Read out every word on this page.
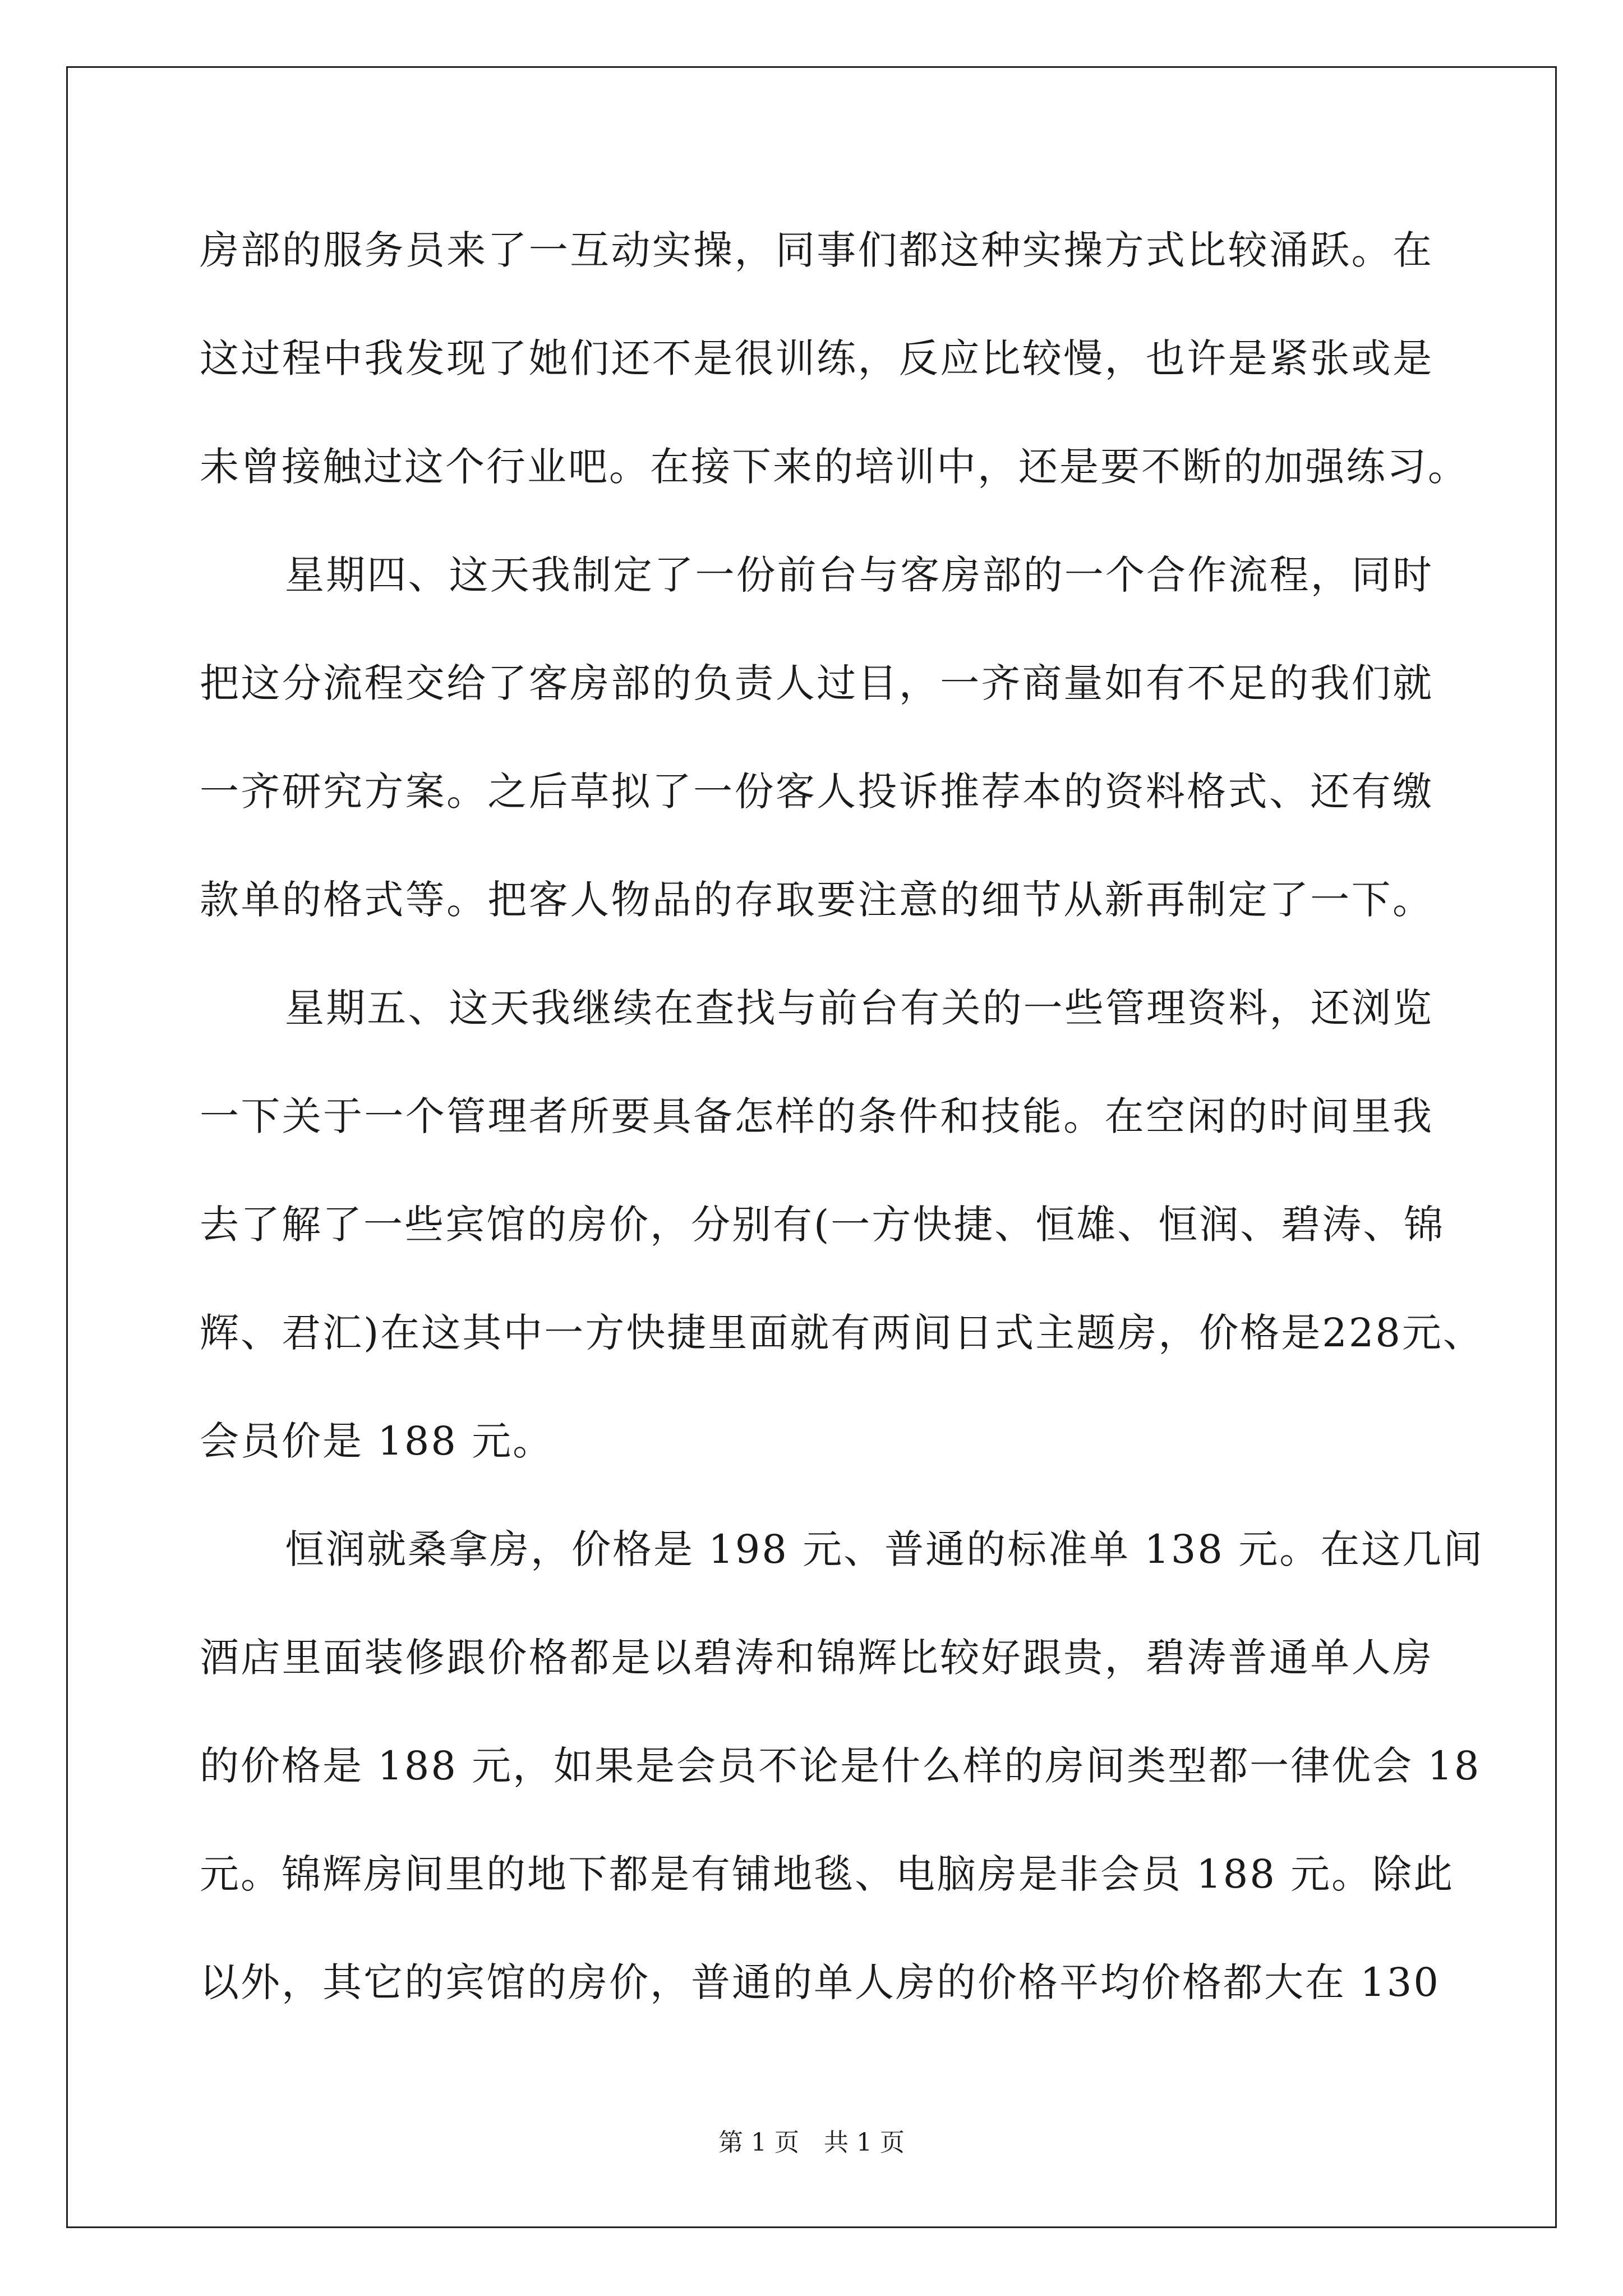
房部的服务员来了一互动实操，同事们都这种实操方式比较涌跃。在
这过程中我发现了她们还不是很训练，反应比较慢，也许是紧张或是
未曾接触过这个行业吧。在接下来的培训中，还是要不断的加强练习。
星期四、这天我制定了一份前台与客房部的一个合作流程，同时
把这分流程交给了客房部的负责人过目，一齐商量如有不足的我们就
一齐研究方案。之后草拟了一份客人投诉推荐本的资料格式、还有缴
款单的格式等。把客人物品的存取要注意的细节从新再制定了一下。
星期五、这天我继续在查找与前台有关的一些管理资料，还浏览
一下关于一个管理者所要具备怎样的条件和技能。在空闲的时间里我
去了解了一些宾馆的房价，分别有(一方快捷、恒雄、恒润、碧涛、锦
辉、君汇)在这其中一方快捷里面就有两间日式主题房，价格是228元、
会员价是 188 元。
恒润就桑拿房，价格是 198 元、普通的标准单 138 元。在这几间
酒店里面装修跟价格都是以碧涛和锦辉比较好跟贵，碧涛普通单人房
的价格是 188 元，如果是会员不论是什么样的房间类型都一律优会 18
元。锦辉房间里的地下都是有铺地毯、电脑房是非会员 188 元。除此
以外，其它的宾馆的房价，普通的单人房的价格平均价格都大在 130
第 1 页　共 1 页
